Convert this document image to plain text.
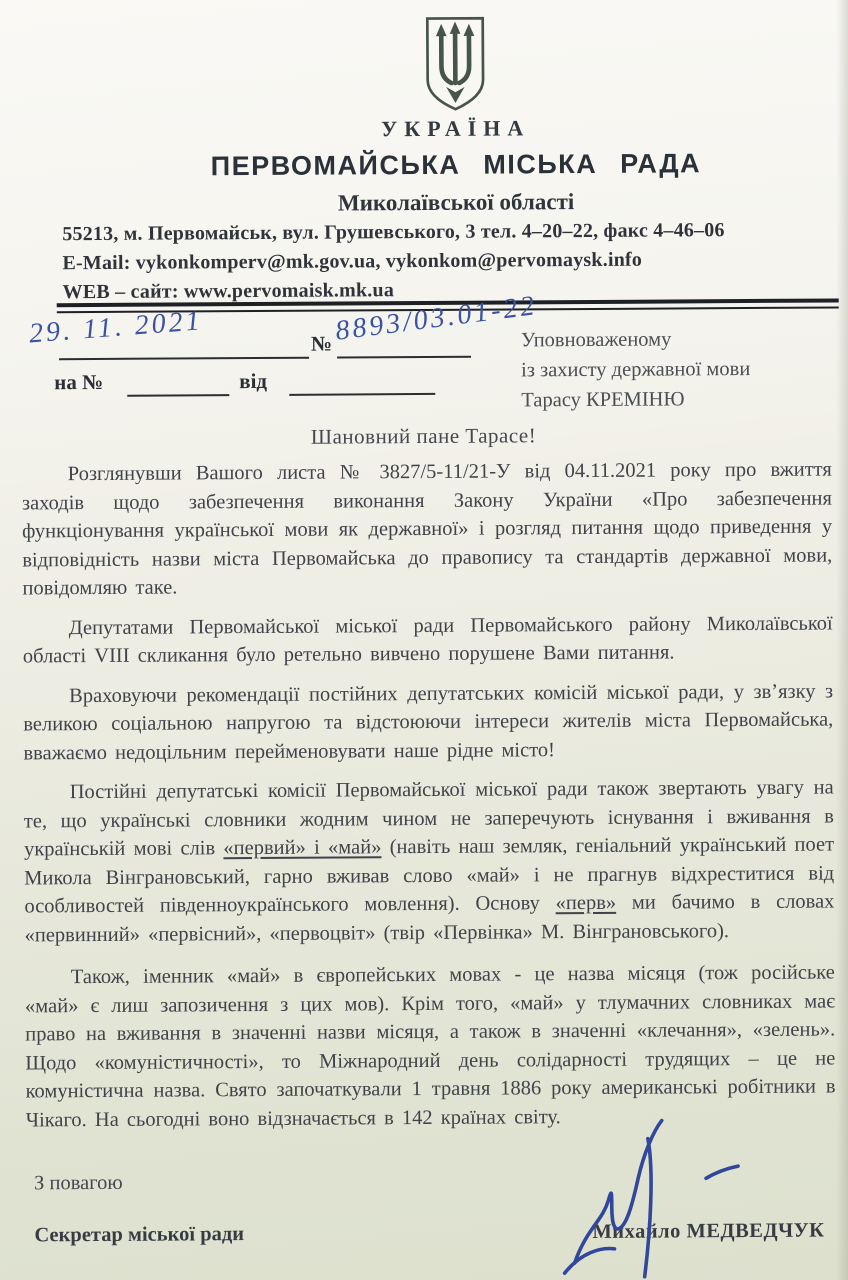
УКРАЇНА
ПЕРВОМАЙСЬКА МІСЬКА РАДА
Миколаївської області
55213, м. Первомайськ, вул. Грушевського, 3 тел. 4–20–22, факс 4–46–06
E-Mail: vykonkomperv@mk.gov.ua, vykonkom@pervomaysk.info
WEB – сайт: www.pervomaisk.mk.ua
29. 11. 2021	№ 8893/03.01-22
на №	від
Уповноваженому
із захисту державної мови
Тарасу КРЕМІНЮ
Шановний пане Тарасе!

Розглянувши Вашого листа № 3827/5-11/21-У від 04.11.2021 року про вжиття заходів щодо забезпечення виконання Закону України «Про забезпечення функціонування української мови як державної» і розгляд питання щодо приведення у відповідність назви міста Первомайська до правопису та стандартів державної мови, повідомляю таке.

Депутатами Первомайської міської ради Первомайського району Миколаївської області VIII скликання було ретельно вивчено порушене Вами питання.

Враховуючи рекомендації постійних депутатських комісій міської ради, у зв’язку з великою соціальною напругою та відстоюючи інтереси жителів міста Первомайська, вважаємо недоцільним перейменовувати наше рідне місто!

Постійні депутатські комісії Первомайської міської ради також звертають увагу на те, що українські словники жодним чином не заперечують існування і вживання в українській мові слів «первий» і «май» (навіть наш земляк, геніальний український поет Микола Вінграновський, гарно вживав слово «май» і не прагнув відхреститися від особливостей південноукраїнського мовлення). Основу «перв» ми бачимо в словах «первинний» «первісний», «первоцвіт» (твір «Первінка» М. Вінграновського).

Також, іменник «май» в європейських мовах - це назва місяця (тож російське «май» є лиш запозичення з цих мов). Крім того, «май» у тлумачних словниках має право на вживання в значенні назви місяця, а також в значенні «клечання», «зелень». Щодо «комуністичності», то Міжнародний день солідарності трудящих – це не комуністична назва. Свято започаткували 1 травня 1886 року американські робітники в Чікаго. На сьогодні воно відзначається в 142 країнах світу.

З повагою
Секретар міської ради	Михайло МЕДВЕДЧУК
